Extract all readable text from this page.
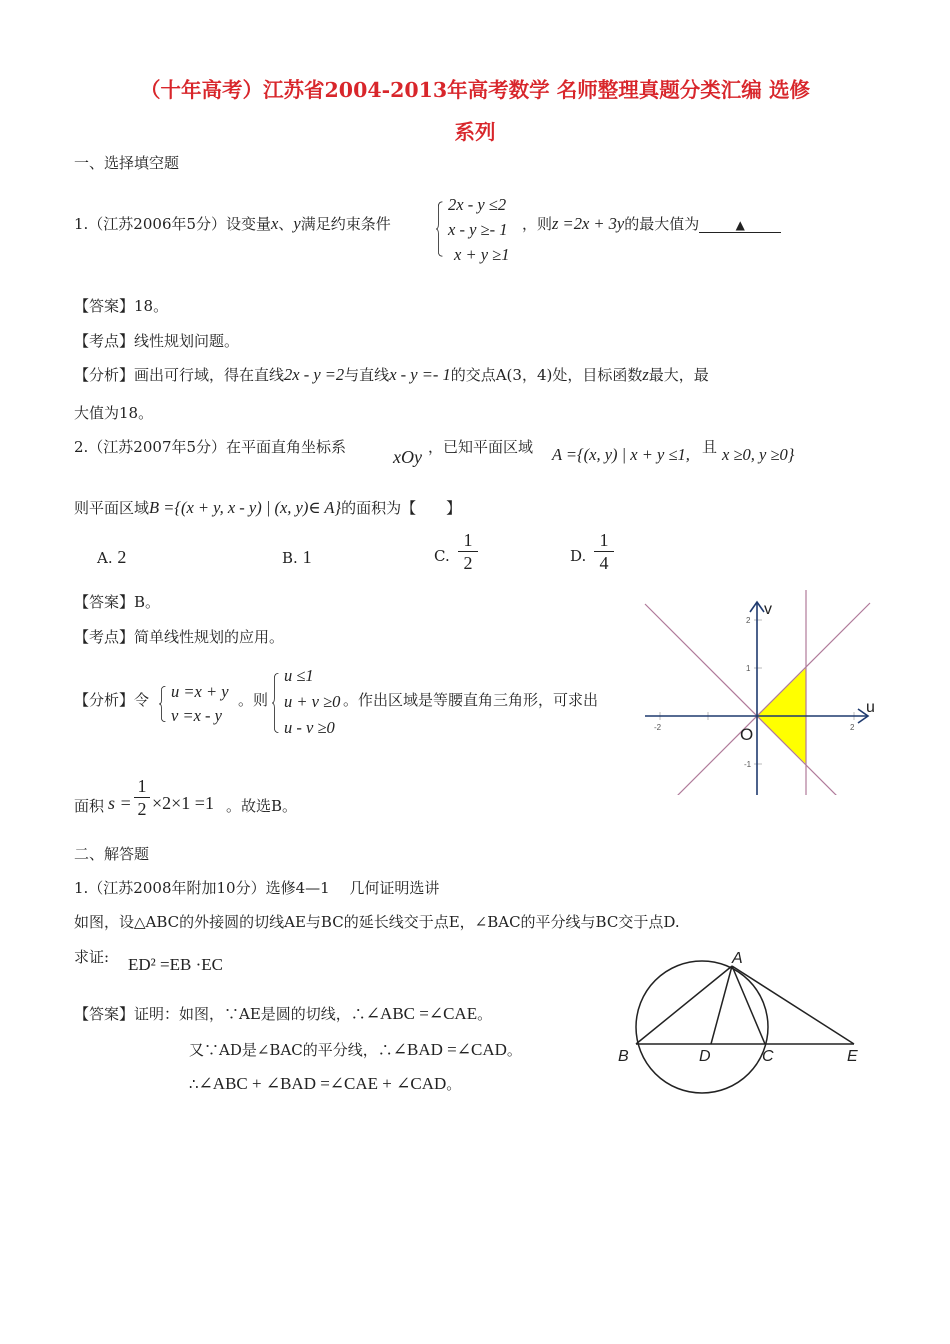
（十年高考）江苏省2004-2013年高考数学 名师整理真题分类汇编 选修
系列
一、选择填空题
1.（江苏2006年5分）设变量x、y满足约束条件
2x - y ≤2
x - y ≥- 1
x + y ≥1
，则z =2x + 3y的最大值为	▲
【答案】18。
【考点】线性规划问题。
【分析】画出可行域，得在直线2x - y =2与直线x - y =- 1的交点A(3，4)处，目标函数z最大，最
大值为18。
2.（江苏2007年5分）在平面直角坐标系	xOy ，已知平面区域 A ={(x, y) | x + y ≤1, 且 x ≥0, y ≥0}
则平面区域B ={(x + y, x - y) | (x, y)∈ A}的面积为【　　】
A. 2	B. 1	C.
1
2	D.
1
4
【答案】B。
【考点】简单线性规划的应用。
【分析】令 u =x + y
v =x - y
。则
u ≤1
u + v ≥0
u - v ≥0
。作出区域是等腰直角三角形，可求出
面积 s =
1
2 ×2×1 =1 。故选B。
u
v
O
-2	2
2
1
-1
二、解答题
1.（江苏2008年附加10分）选修4—1　 几何证明选讲
如图，设△ABC的外接圆的切线AE与BC的延长线交于点E，∠BAC的平分线与BC交于点D.
求证: ED² =EB ·EC
【答案】证明：如图，∵AE是圆的切线，∴∠ABC =∠CAE。
又∵AD是∠BAC的平分线，∴∠BAD =∠CAD。
∴∠ABC + ∠BAD =∠CAE + ∠CAD。
A
B	D	C	E
